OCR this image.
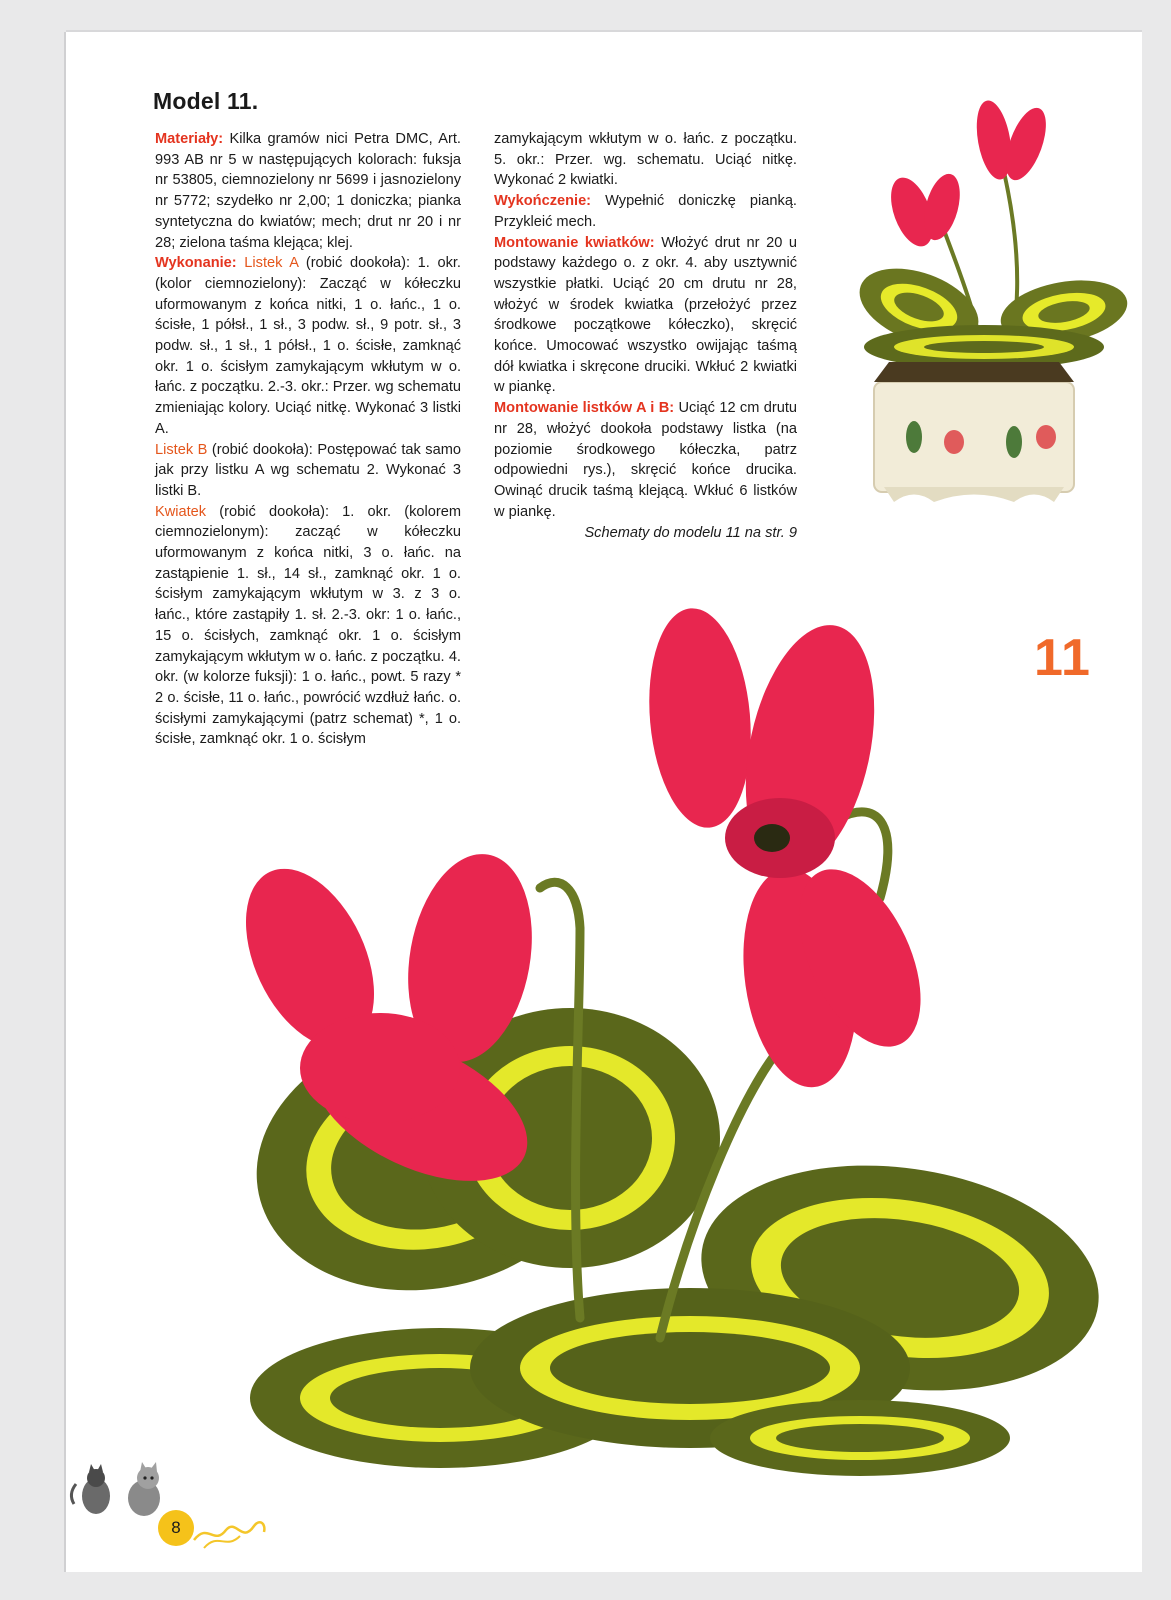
Model 11.

Materiały: Kilka gramów nici Petra DMC, Art. 993 AB nr 5 w następujących kolorach: fuksja nr 53805, ciemnozielony nr 5699 i jasnozielony nr 5772; szydełko nr 2,00; 1 doniczka; pianka syntetyczna do kwiatów; mech; drut nr 20 i nr 28; zielona taśma klejąca; klej.

Wykonanie: Listek A (robić dookoła): 1. okr. (kolor ciemnozielony): Zacząć w kółeczku uformowanym z końca nitki, 1 o. łańc., 1 o. ścisłe, 1 półsł., 1 sł., 3 podw. sł., 9 potr. sł., 3 podw. sł., 1 sł., 1 półsł., 1 o. ścisłe, zamknąć okr. 1 o. ścisłym zamykającym wkłutym w o. łańc. z początku. 2.-3. okr.: Przer. wg schematu zmieniając kolory. Uciąć nitkę. Wykonać 3 listki A.

Listek B (robić dookoła): Postępować tak samo jak przy listku A wg schematu 2. Wykonać 3 listki B.

Kwiatek (robić dookoła): 1. okr. (kolorem ciemnozielonym): zacząć w kółeczku uformowanym z końca nitki, 3 o. łańc. na zastąpienie 1. sł., 14 sł., zamknąć okr. 1 o. ścisłym zamykającym wkłutym w 3. z 3 o. łańc., które zastąpiły 1. sł. 2.-3. okr: 1 o. łańc., 15 o. ścisłych, zamknąć okr. 1 o. ścisłym zamykającym wkłutym w o. łańc. z początku. 4. okr. (w kolorze fuksji): 1 o. łańc., powt. 5 razy * 2 o. ścisłe, 11 o. łańc., powrócić wzdłuż łańc. o. ścisłymi zamykającymi (patrz schemat) *, 1 o. ścisłe, zamknąć okr. 1 o. ścisłym

zamykającym wkłutym w o. łańc. z początku. 5. okr.: Przer. wg. schematu. Uciąć nitkę. Wykonać 2 kwiatki.

Wykończenie: Wypełnić doniczkę pianką. Przykleić mech.

Montowanie kwiatków: Włożyć drut nr 20 u podstawy każdego o. z okr. 4. aby usztywnić wszystkie płatki. Uciąć 20 cm drutu nr 28, włożyć w środek kwiatka (przełożyć przez środkowe początkowe kółeczko), skręcić końce. Umocować wszystko owijając taśmą dół kwiatka i skręcone druciki. Wkłuć 2 kwiatki w piankę.

Montowanie listków A i B: Uciąć 12 cm drutu nr 28, włożyć dookoła podstawy listka (na poziomie środkowego kółeczka, patrz odpowiedni rys.), skręcić końce drucika. Owinąć drucik taśmą klejącą. Wkłuć 6 listków w piankę.

Schematy do modelu 11 na str. 9

11
8
